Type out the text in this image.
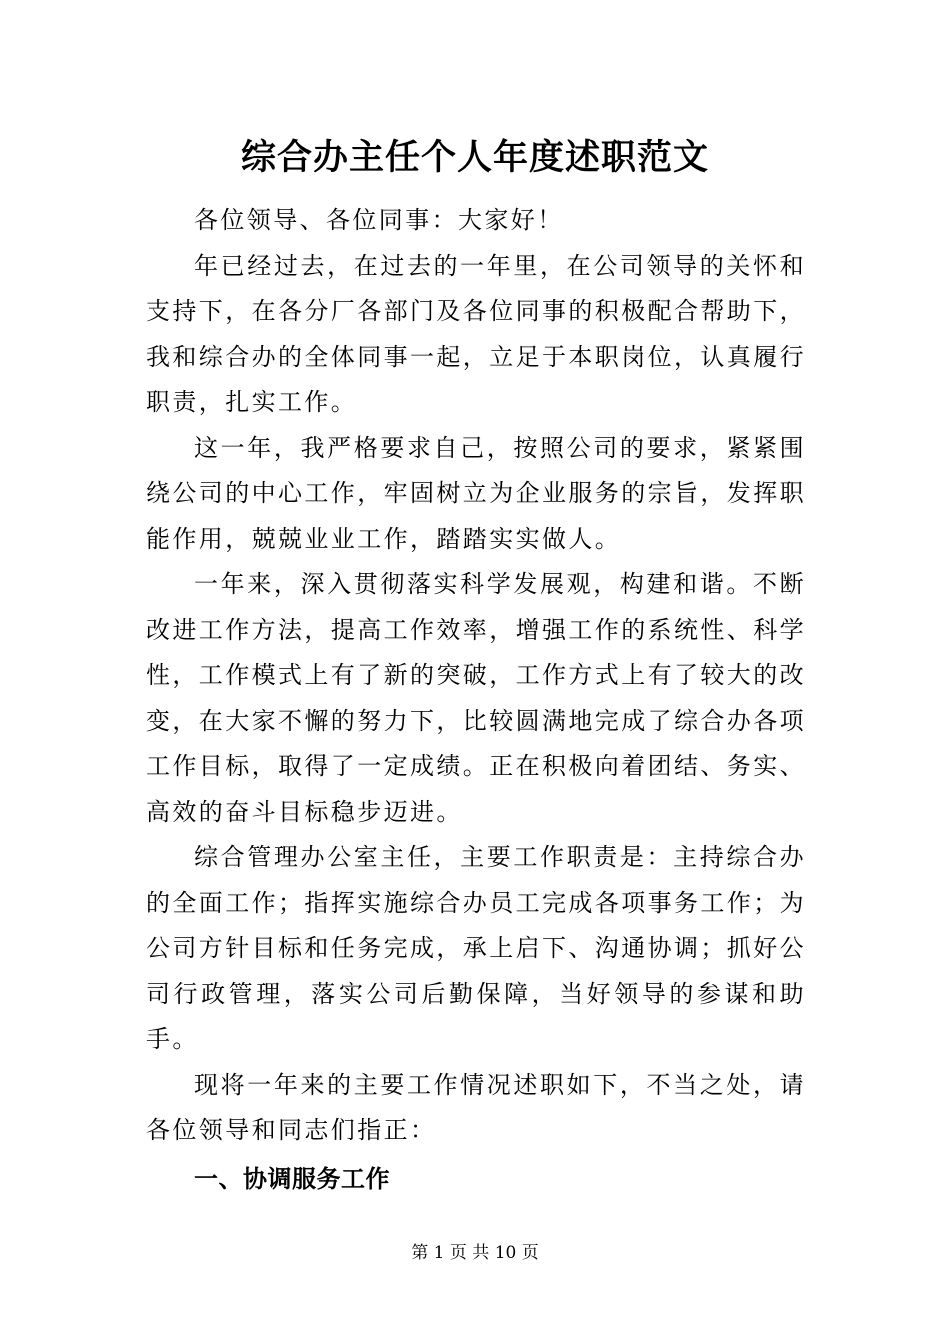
综合办主任个人年度述职范文

各位领导、各位同事：大家好！

年已经过去，在过去的一年里，在公司领导的关怀和支持下，在各分厂各部门及各位同事的积极配合帮助下，我和综合办的全体同事一起，立足于本职岗位，认真履行职责，扎实工作。

这一年，我严格要求自己，按照公司的要求，紧紧围绕公司的中心工作，牢固树立为企业服务的宗旨，发挥职能作用，兢兢业业工作，踏踏实实做人。

一年来，深入贯彻落实科学发展观，构建和谐。不断改进工作方法，提高工作效率，增强工作的系统性、科学性，工作模式上有了新的突破，工作方式上有了较大的改变，在大家不懈的努力下，比较圆满地完成了综合办各项工作目标，取得了一定成绩。正在积极向着团结、务实、高效的奋斗目标稳步迈进。

综合管理办公室主任，主要工作职责是：主持综合办的全面工作；指挥实施综合办员工完成各项事务工作；为公司方针目标和任务完成，承上启下、沟通协调；抓好公司行政管理，落实公司后勤保障，当好领导的参谋和助手。

现将一年来的主要工作情况述职如下，不当之处，请各位领导和同志们指正：

一、协调服务工作

第 1 页 共 10 页
